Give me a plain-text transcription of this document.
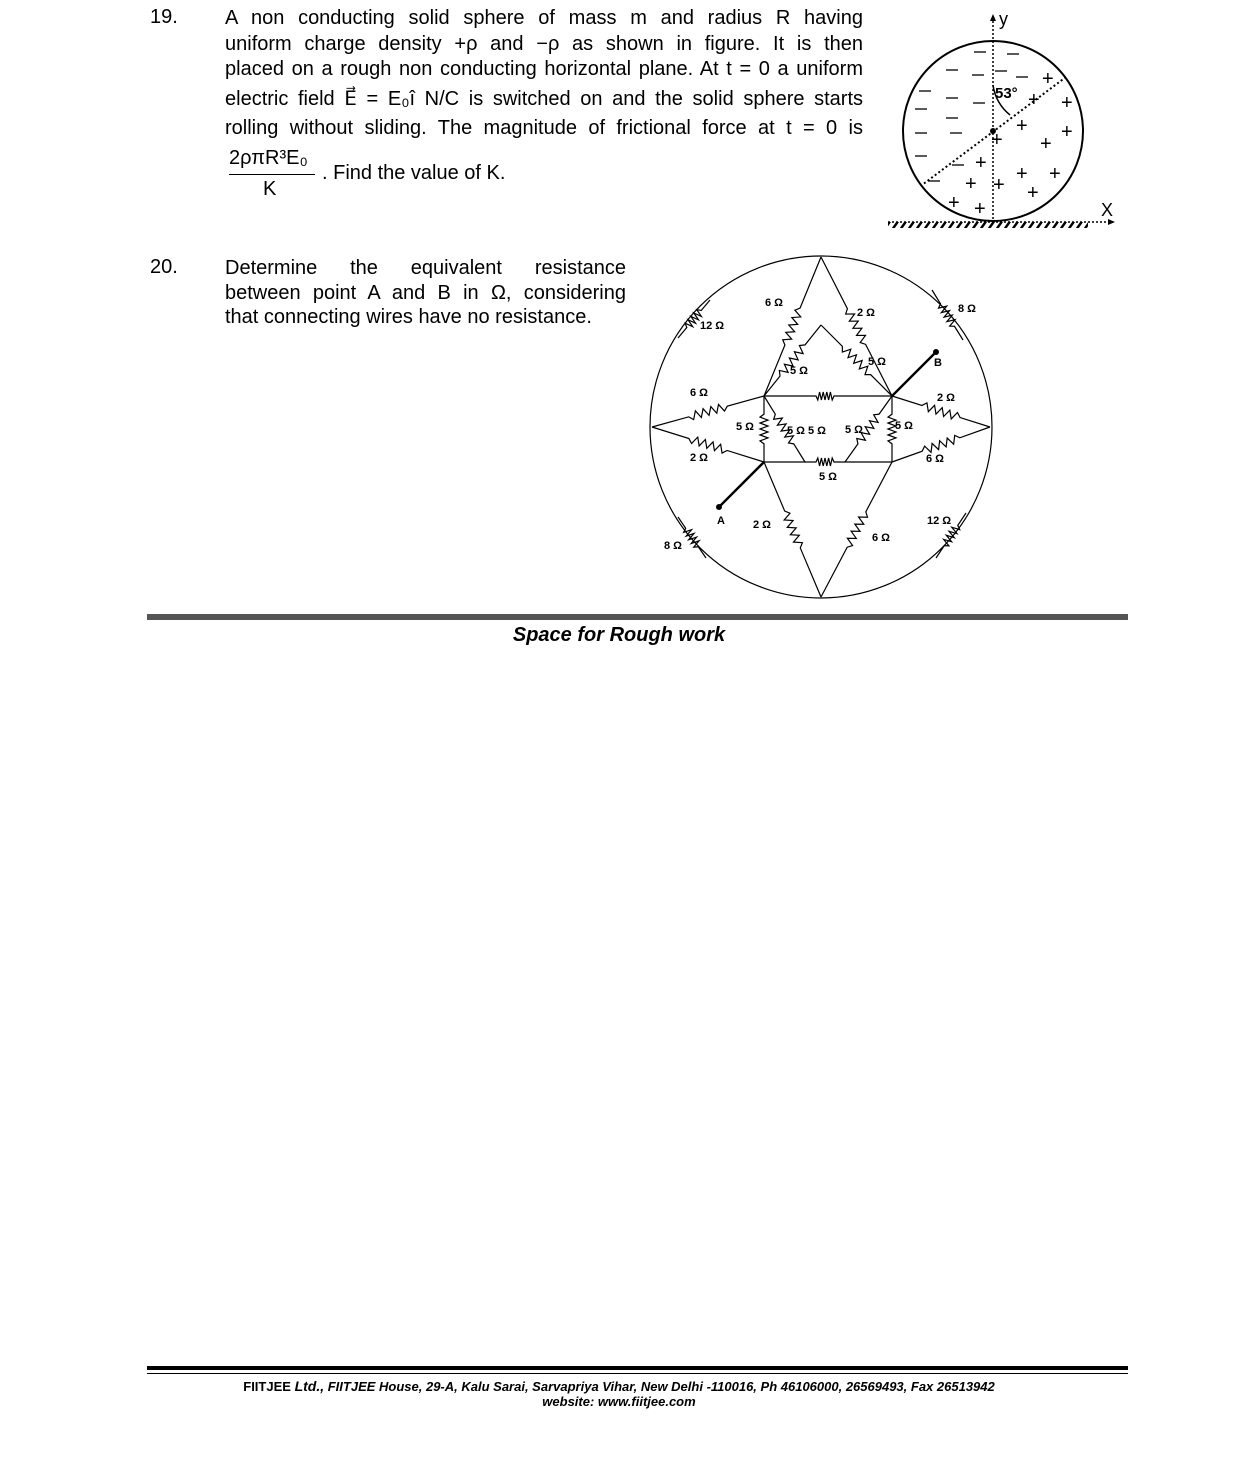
19. A non conducting solid sphere of mass m and radius R having
uniform charge density +ρ and −ρ as shown in figure. It is then
placed on a rough non conducting horizontal plane. At t = 0 a uniform
electric field E⃗ = E₀î N/C is switched on and the solid sphere starts
rolling without sliding. The magnitude of frictional force at t = 0 is
2ρπR³E₀
K
. Find the value of K.
y
53°
X
+
+ +
+
+
+
+
+ + +
+ + +
+ +
20. Determine the equivalent resistance
between point A and B in Ω, considering
that connecting wires have no resistance.
A
B
6 Ω
2 Ω	8 Ω
12 Ω
5 Ω
5 Ω
6 Ω	2 Ω
5 Ω	5 Ω
5 Ω	5 Ω	5 Ω
6 Ω
2 Ω
5 Ω
2 Ω
6 Ω
12 Ω
8 Ω
Space for Rough work
FIITJEE Ltd., FIITJEE House, 29-A, Kalu Sarai, Sarvapriya Vihar, New Delhi -110016, Ph 46106000, 26569493, Fax 26513942
website: www.fiitjee.com
